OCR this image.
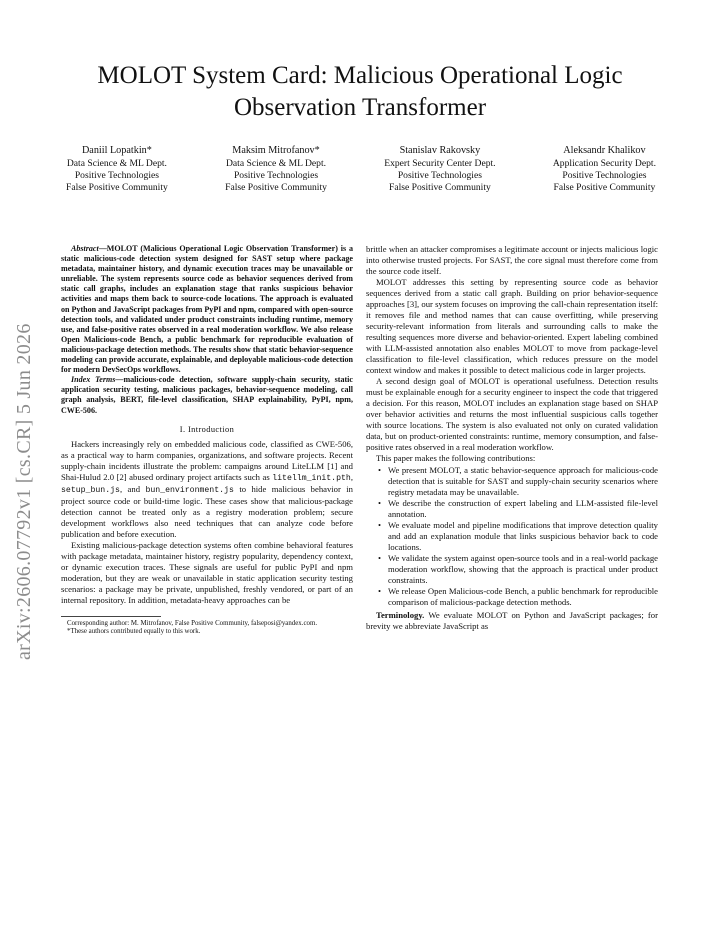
arXiv:2606.07792v1 [cs.CR] 5 Jun 2026
MOLOT System Card: Malicious Operational Logic Observation Transformer
Daniil Lopatkin*
Data Science & ML Dept.
Positive Technologies
False Positive Community
Maksim Mitrofanov*
Data Science & ML Dept.
Positive Technologies
False Positive Community
Stanislav Rakovsky
Expert Security Center Dept.
Positive Technologies
False Positive Community
Aleksandr Khalikov
Application Security Dept.
Positive Technologies
False Positive Community

Abstract—MOLOT (Malicious Operational Logic Observation Transformer) is a static malicious-code detection system designed for SAST setup where package metadata, maintainer history, and dynamic execution traces may be unavailable or unreliable. The system represents source code as behavior sequences derived from static call graphs, includes an explanation stage that ranks suspicious behavior activities and maps them back to source-code locations. The approach is evaluated on Python and JavaScript packages from PyPI and npm, compared with open-source detection tools, and validated under product constraints including runtime, memory use, and false-positive rates observed in a real moderation workflow. We also release Open Malicious-code Bench, a public benchmark for reproducible evaluation of malicious-package detection methods. The results show that static behavior-sequence modeling can provide accurate, explainable, and deployable malicious-code detection for modern DevSecOps workflows.

Index Terms—malicious-code detection, software supply-chain security, static application security testing, malicious packages, behavior-sequence modeling, call graph analysis, BERT, file-level classification, SHAP explainability, PyPI, npm, CWE-506.

I. Introduction

Hackers increasingly rely on embedded malicious code, classified as CWE-506, as a practical way to harm companies, organizations, and software projects. Recent supply-chain incidents illustrate the problem: campaigns around LiteLLM [1] and Shai-Hulud 2.0 [2] abused ordinary project artifacts such as litellm_init.pth, setup_bun.js, and bun_environment.js to hide malicious behavior in project source code or build-time logic. These cases show that malicious-package detection cannot be treated only as a registry moderation problem; secure development workflows also need techniques that can analyze code before publication and before execution.

Existing malicious-package detection systems often combine behavioral features with package metadata, maintainer history, registry popularity, dependency context, or dynamic execution traces. These signals are useful for public PyPI and npm moderation, but they are weak or unavailable in static application security testing scenarios: a package may be private, unpublished, freshly vendored, or part of an internal repository. In addition, metadata-heavy approaches can be

Corresponding author: M. Mitrofanov, False Positive Community, falseposi@yandex.com.
*These authors contributed equally to this work.

brittle when an attacker compromises a legitimate account or injects malicious logic into otherwise trusted projects. For SAST, the core signal must therefore come from the source code itself.

MOLOT addresses this setting by representing source code as behavior sequences derived from a static call graph. Building on prior behavior-sequence approaches [3], our system focuses on improving the call-chain representation itself: it removes file and method names that can cause overfitting, while preserving security-relevant information from literals and surrounding calls to make the resulting sequences more diverse and behavior-oriented. Expert labeling combined with LLM-assisted annotation also enables MOLOT to move from package-level classification to file-level classification, which reduces pressure on the model context window and makes it possible to detect malicious code in larger projects.

A second design goal of MOLOT is operational usefulness. Detection results must be explainable enough for a security engineer to inspect the code that triggered a decision. For this reason, MOLOT includes an explanation stage based on SHAP over behavior activities and returns the most influential suspicious calls together with source locations. The system is also evaluated not only on curated validation data, but on product-oriented constraints: runtime, memory consumption, and false-positive rates observed in a real moderation workflow.

This paper makes the following contributions:

• We present MOLOT, a static behavior-sequence approach for malicious-code detection that is suitable for SAST and supply-chain security scenarios where registry metadata may be unavailable.
• We describe the construction of expert labeling and LLM-assisted file-level annotation.
• We evaluate model and pipeline modifications that improve detection quality and add an explanation module that links suspicious behavior back to code locations.
• We validate the system against open-source tools and in a real-world package moderation workflow, showing that the approach is practical under product constraints.
• We release Open Malicious-code Bench, a public benchmark for reproducible comparison of malicious-package detection methods.

Terminology. We evaluate MOLOT on Python and JavaScript packages; for brevity we abbreviate JavaScript as
